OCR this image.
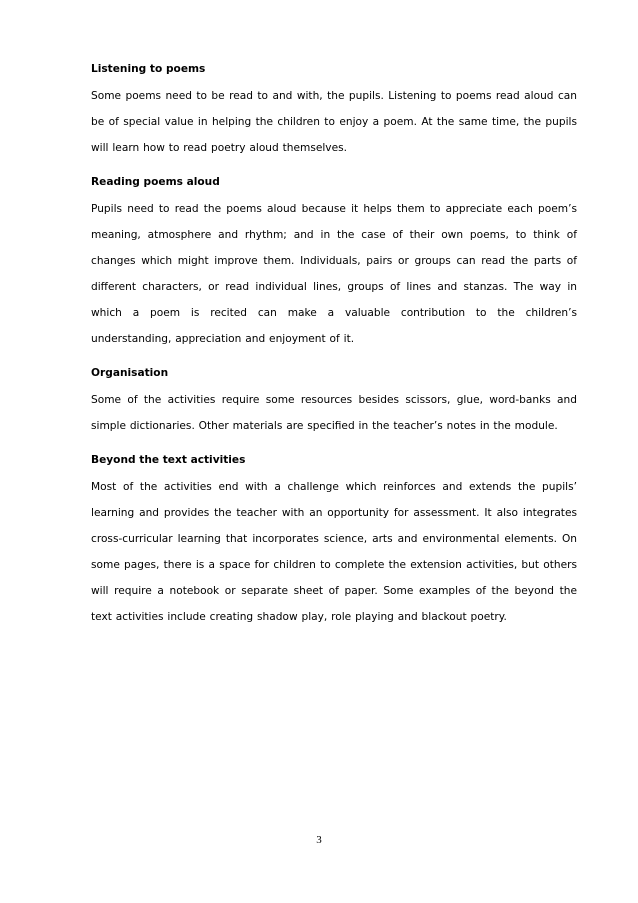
Listening to poems

Some poems need to be read to and with, the pupils. Listening to poems read aloud can be of special value in helping the children to enjoy a poem. At the same time, the pupils will learn how to read poetry aloud themselves.

Reading poems aloud

Pupils need to read the poems aloud because it helps them to appreciate each poem’s meaning, atmosphere and rhythm; and in the case of their own poems, to think of changes which might improve them. Individuals, pairs or groups can read the parts of different characters, or read individual lines, groups of lines and stanzas. The way in which a poem is recited can make a valuable contribution to the children’s understanding, appreciation and enjoyment of it.

Organisation

Some of the activities require some resources besides scissors, glue, word-banks and simple dictionaries. Other materials are specified in the teacher’s notes in the module.

Beyond the text activities

Most of the activities end with a challenge which reinforces and extends the pupils’ learning and provides the teacher with an opportunity for assessment. It also integrates cross-curricular learning that incorporates science, arts and environmental elements. On some pages, there is a space for children to complete the extension activities, but others will require a notebook or separate sheet of paper. Some examples of the beyond the text activities include creating shadow play, role playing and blackout poetry.

3
